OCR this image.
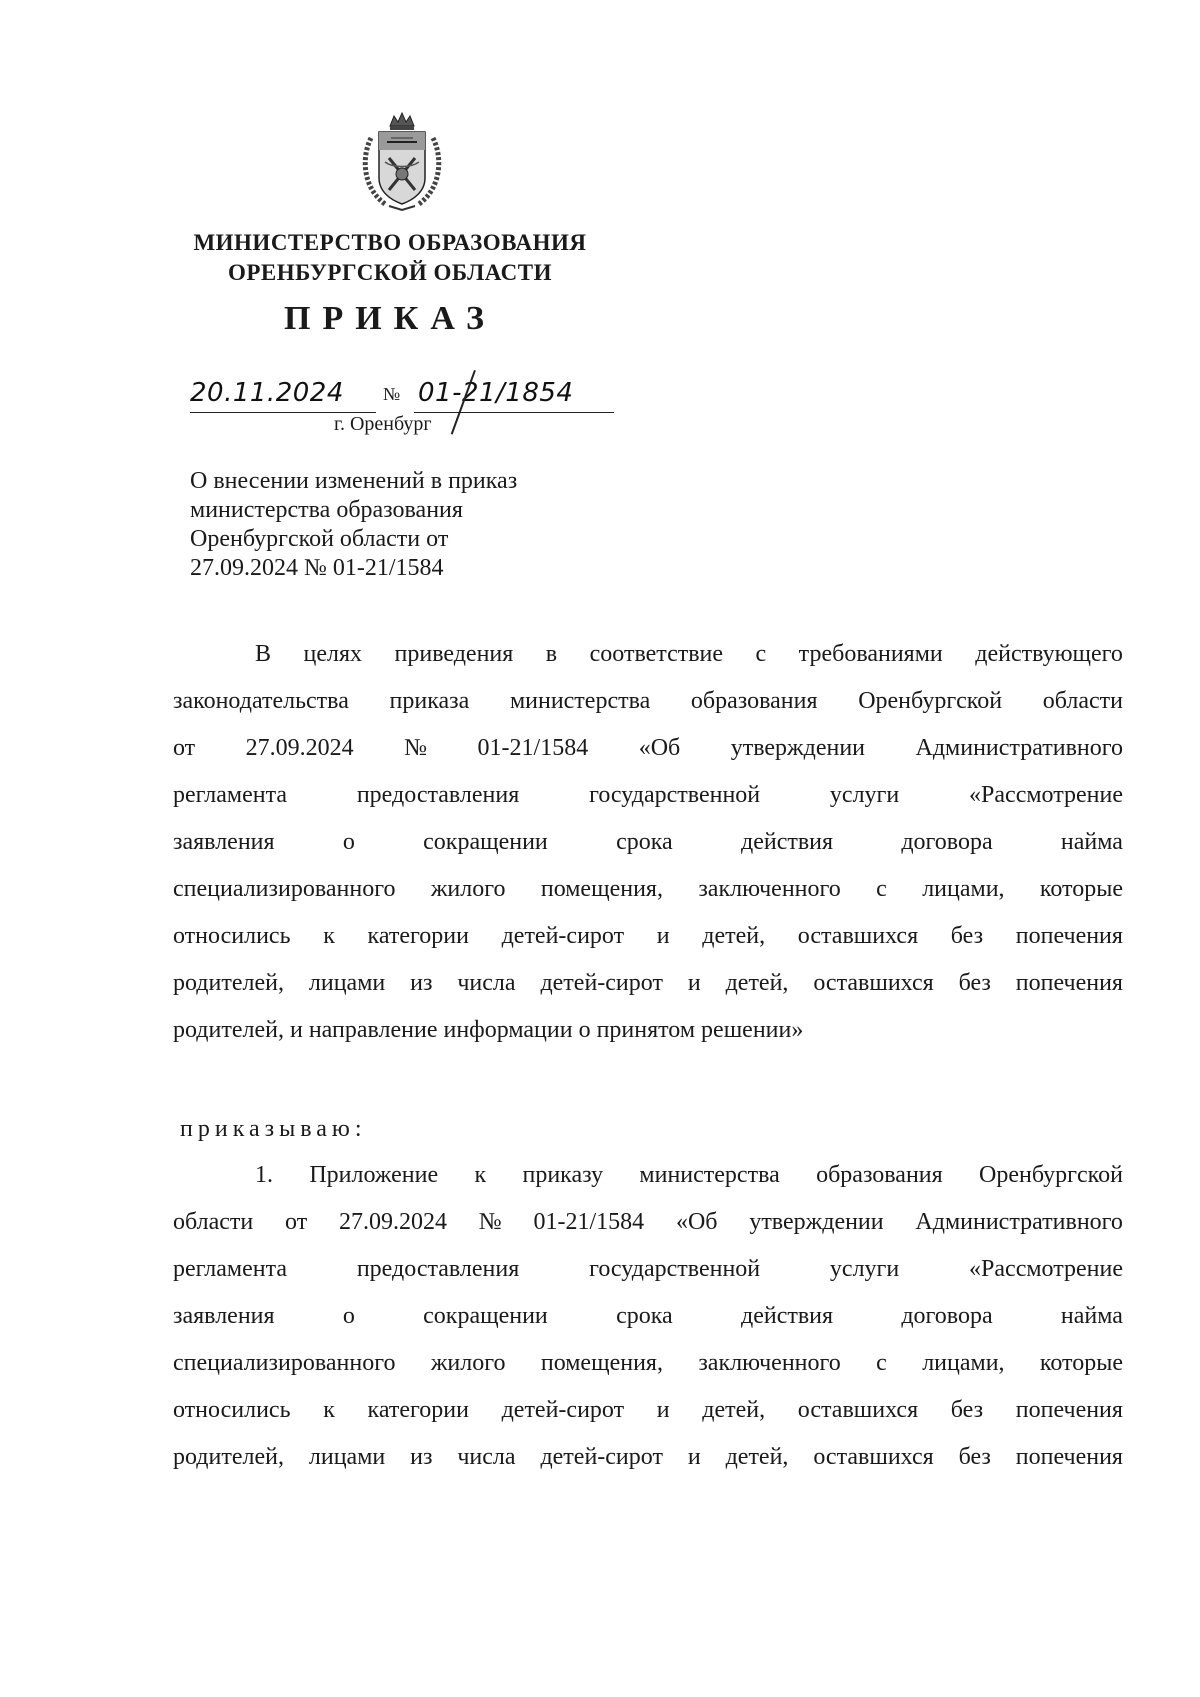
МИНИСТЕРСТВО ОБРАЗОВАНИЯ
ОРЕНБУРГСКОЙ ОБЛАСТИ
ПРИКАЗ
20.11.2024 № 01-21/1854
г. Оренбург
О внесении изменений в приказ
министерства образования
Оренбургской области от
27.09.2024 № 01-21/1584
В целях приведения в соответствие с требованиями действующего
законодательства приказа министерства образования Оренбургской области
от 27.09.2024 № 01-21/1584 «Об утверждении Административного
регламента	предоставления	государственной	услуги	«Рассмотрение
заявления	о	сокращении	срока	действия	договора	найма
специализированного жилого помещения, заключенного с лицами, которые
относились к категории детей-сирот и детей, оставшихся без попечения
родителей, лицами из числа детей-сирот и детей, оставшихся без попечения
родителей, и направление информации о принятом решении»
приказываю:
1. Приложение к приказу министерства образования Оренбургской
области от 27.09.2024 № 01-21/1584 «Об утверждении Административного
регламента	предоставления	государственной	услуги	«Рассмотрение
заявления	о	сокращении	срока	действия	договора	найма
специализированного жилого помещения, заключенного с лицами, которые
относились к категории детей-сирот и детей, оставшихся без попечения
родителей, лицами из числа детей-сирот и детей, оставшихся без попечения
